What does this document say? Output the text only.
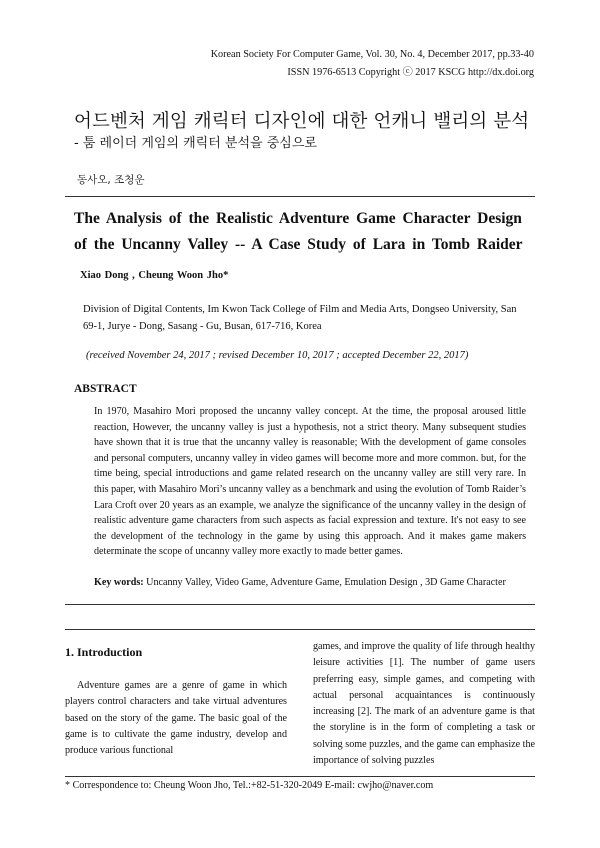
Korean Society For Computer Game, Vol. 30, No. 4, December 2017, pp.33-40
ISSN 1976-6513 Copyright ⓒ 2017 KSCG http://dx.doi.org
어드벤처 게임 캐릭터 디자인에 대한 언캐니 밸리의 분석
- 툼 레이더 게임의 캐릭터 분석을 중심으로
동사오, 조청운
The Analysis of the Realistic Adventure Game Character Design of the Uncanny Valley -- A Case Study of Lara in Tomb Raider
Xiao Dong , Cheung Woon Jho*
Division of Digital Contents, Im Kwon Tack College of Film and Media Arts, Dongseo University, San 69-1, Jurye - Dong, Sasang - Gu, Busan, 617-716, Korea
(received November 24, 2017 ; revised December 10, 2017 ; accepted December 22, 2017)
ABSTRACT
In 1970, Masahiro Mori proposed the uncanny valley concept. At the time, the proposal aroused little reaction, However, the uncanny valley is just a hypothesis, not a strict theory. Many subsequent studies have shown that it is true that the uncanny valley is reasonable; With the development of game consoles and personal computers, uncanny valley in video games will become more and more common. but, for the time being, special introductions and game related research on the uncanny valley are still very rare. In this paper, with Masahiro Mori’s uncanny valley as a benchmark and using the evolution of Tomb Raider’s Lara Croft over 20 years as an example, we analyze the significance of the uncanny valley in the design of realistic adventure game characters from such aspects as facial expression and texture. It's not easy to see the development of the technology in the game by using this approach. And it makes game makers determinate the scope of uncanny valley more exactly to made better games.
Key words: Uncanny Valley, Video Game, Adventure Game, Emulation Design , 3D Game Character
1. Introduction
Adventure games are a genre of game in which players control characters and take virtual adventures based on the story of the game. The basic goal of the game is to cultivate the game industry, develop and produce various functional
games, and improve the quality of life through healthy leisure activities [1]. The number of game users preferring easy, simple games, and competing with actual personal acquaintances is continuously increasing [2]. The mark of an adventure game is that the storyline is in the form of completing a task or solving some puzzles, and the game can emphasize the importance of solving puzzles
* Correspondence to: Cheung Woon Jho, Tel.:+82-51-320-2049 E-mail: cwjho@naver.com
